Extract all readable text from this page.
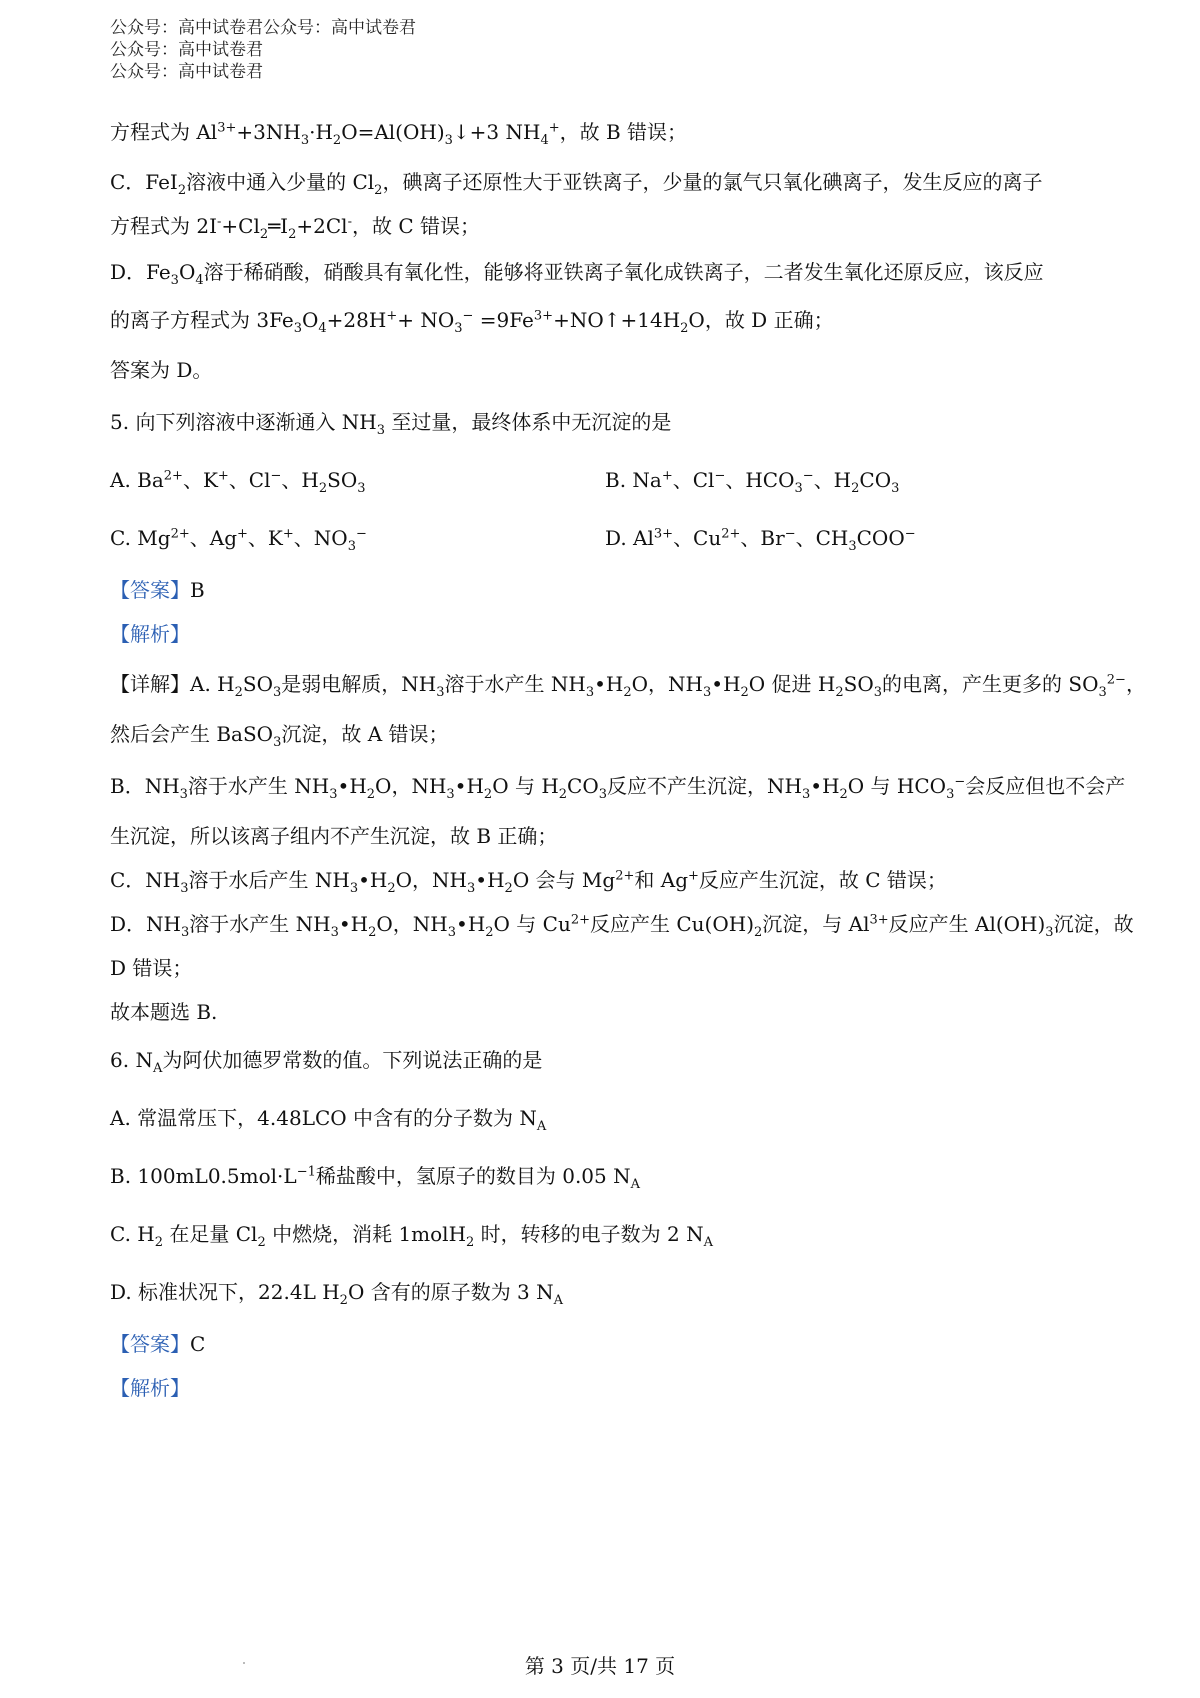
公众号：高中试卷君公众号：高中试卷君
公众号：高中试卷君
公众号：高中试卷君
方程式为 $Al^{3+}+3NH_3\cdot H_2O=Al(OH)_3↓+3$ $NH_4^+$，故 B 错误；
C．FeI$_2$溶液中通入少量的 $Cl_2$，碘离子还原性大于亚铁离子，少量的氯气只氧化碘离子，发生反应的离子
方程式为 $2I^-+Cl_2═I_2+2Cl^-$，故 C 错误；
D．$Fe_3O_4$溶于稀硝酸，硝酸具有氧化性，能够将亚铁离子氧化成铁离子，二者发生氧化还原反应，该反应
的离子方程式为 $3Fe_3O_4+28H^++ NO_3^-$ $=9Fe^{3+}+NO↑+14H_2O$，故 D 正确；
答案为 D。
5. 向下列溶液中逐渐通入 $NH_3$ 至过量，最终体系中无沉淀的是
A. $Ba^{2+}$、K+、Cl−、$H_2SO_3$	B. Na+、Cl−、$HCO_3^-$、$H_2CO_3$
C. $Mg^{2+}$、Ag+、K+、$NO_3^-$	D. $Al^{3+}$、$Cu^{2+}$、Br−、$CH_3COO^-$
【答案】B
【解析】
【详解】A. $H_2SO_3$是弱电解质，$NH_3$溶于水产生 $NH_3•H_2O$，$NH_3•H_2O$ 促进 $H_2SO_3$的电离，产生更多的 $SO_3^{2-}$，
然后会产生 BaSO$_3$沉淀，故 A 错误；
B．$NH_3$溶于水产生 $NH_3•H_2O$，$NH_3•H_2O$ 与 $H_2CO_3$反应不产生沉淀，$NH_3•H_2O$ 与 $HCO_3^-$会反应但也不会产
生沉淀，所以该离子组内不产生沉淀，故 B 正确；
C．$NH_3$溶于水后产生 $NH_3•H_2O$，$NH_3•H_2O$ 会与 $Mg^{2+}$和 Ag+反应产生沉淀，故 C 错误；
D．$NH_3$溶于水产生 $NH_3•H_2O$，$NH_3•H_2O$ 与 $Cu^{2+}$反应产生 $Cu(OH)_2$沉淀，与 $Al^{3+}$反应产生 $Al(OH)_3$沉淀，故
D 错误；
故本题选 B.
6. $N_A$为阿伏加德罗常数的值。下列说法正确的是
A. 常温常压下，4.48LCO 中含有的分子数为 $N_A$
B. $100mL0.5mol\cdot L^{-1}$稀盐酸中，氢原子的数目为 0.05 $N_A$
C. $H_2$ 在足量 $Cl_2$ 中燃烧，消耗 1molH$_2$ 时，转移的电子数为 2 $N_A$
D. 标准状况下，22.4L $H_2O$ 含有的原子数为 3 $N_A$
【答案】C
【解析】
第 3 页/共 17 页
